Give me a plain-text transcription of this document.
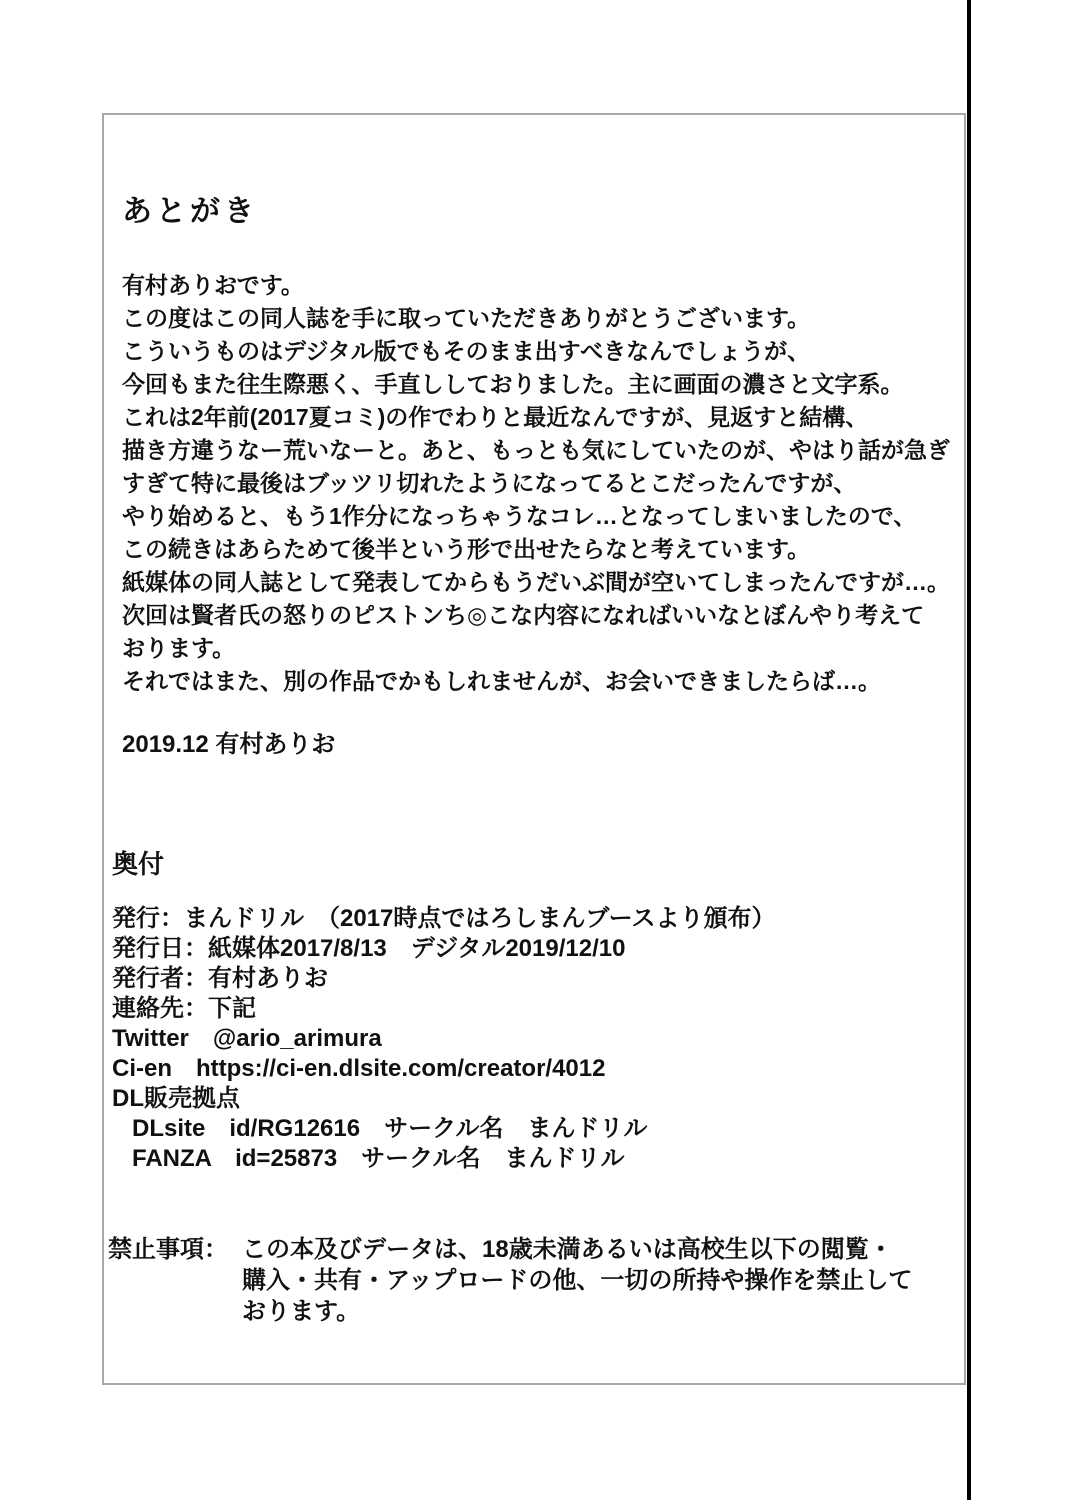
あとがき
有村ありおです。
この度はこの同人誌を手に取っていただきありがとうございます。
こういうものはデジタル版でもそのまま出すべきなんでしょうが、
今回もまた往生際悪く、手直ししておりました。主に画面の濃さと文字系。
これは2年前(2017夏コミ)の作でわりと最近なんですが、見返すと結構、
描き方違うなー荒いなーと。あと、もっとも気にしていたのが、やはり話が急ぎ
すぎて特に最後はブッツリ切れたようになってるとこだったんですが、
やり始めると、もう1作分になっちゃうなコレ…となってしまいましたので、
この続きはあらためて後半という形で出せたらなと考えています。
紙媒体の同人誌として発表してからもうだいぶ間が空いてしまったんですが…。
次回は賢者氏の怒りのピストンち◎こな内容になればいいなとぼんやり考えて
おります。
それではまた、別の作品でかもしれませんが、お会いできましたらば…。
2019.12 有村ありお
奥付
発行：まんドリル　（2017時点ではろしまんブースより頒布）
発行日：紙媒体2017/8/13　デジタル2019/12/10
発行者：有村ありお
連絡先：下記
Twitter　@ario_arimura
Ci-en　https://ci-en.dlsite.com/creator/4012
DL販売拠点
DLsite　id/RG12616　サークル名　まんドリル
FANZA　id=25873　サークル名　まんドリル
禁止事項： この本及びデータは、18歳未満あるいは高校生以下の閲覧・
購入・共有・アップロードの他、一切の所持や操作を禁止して
おります。
